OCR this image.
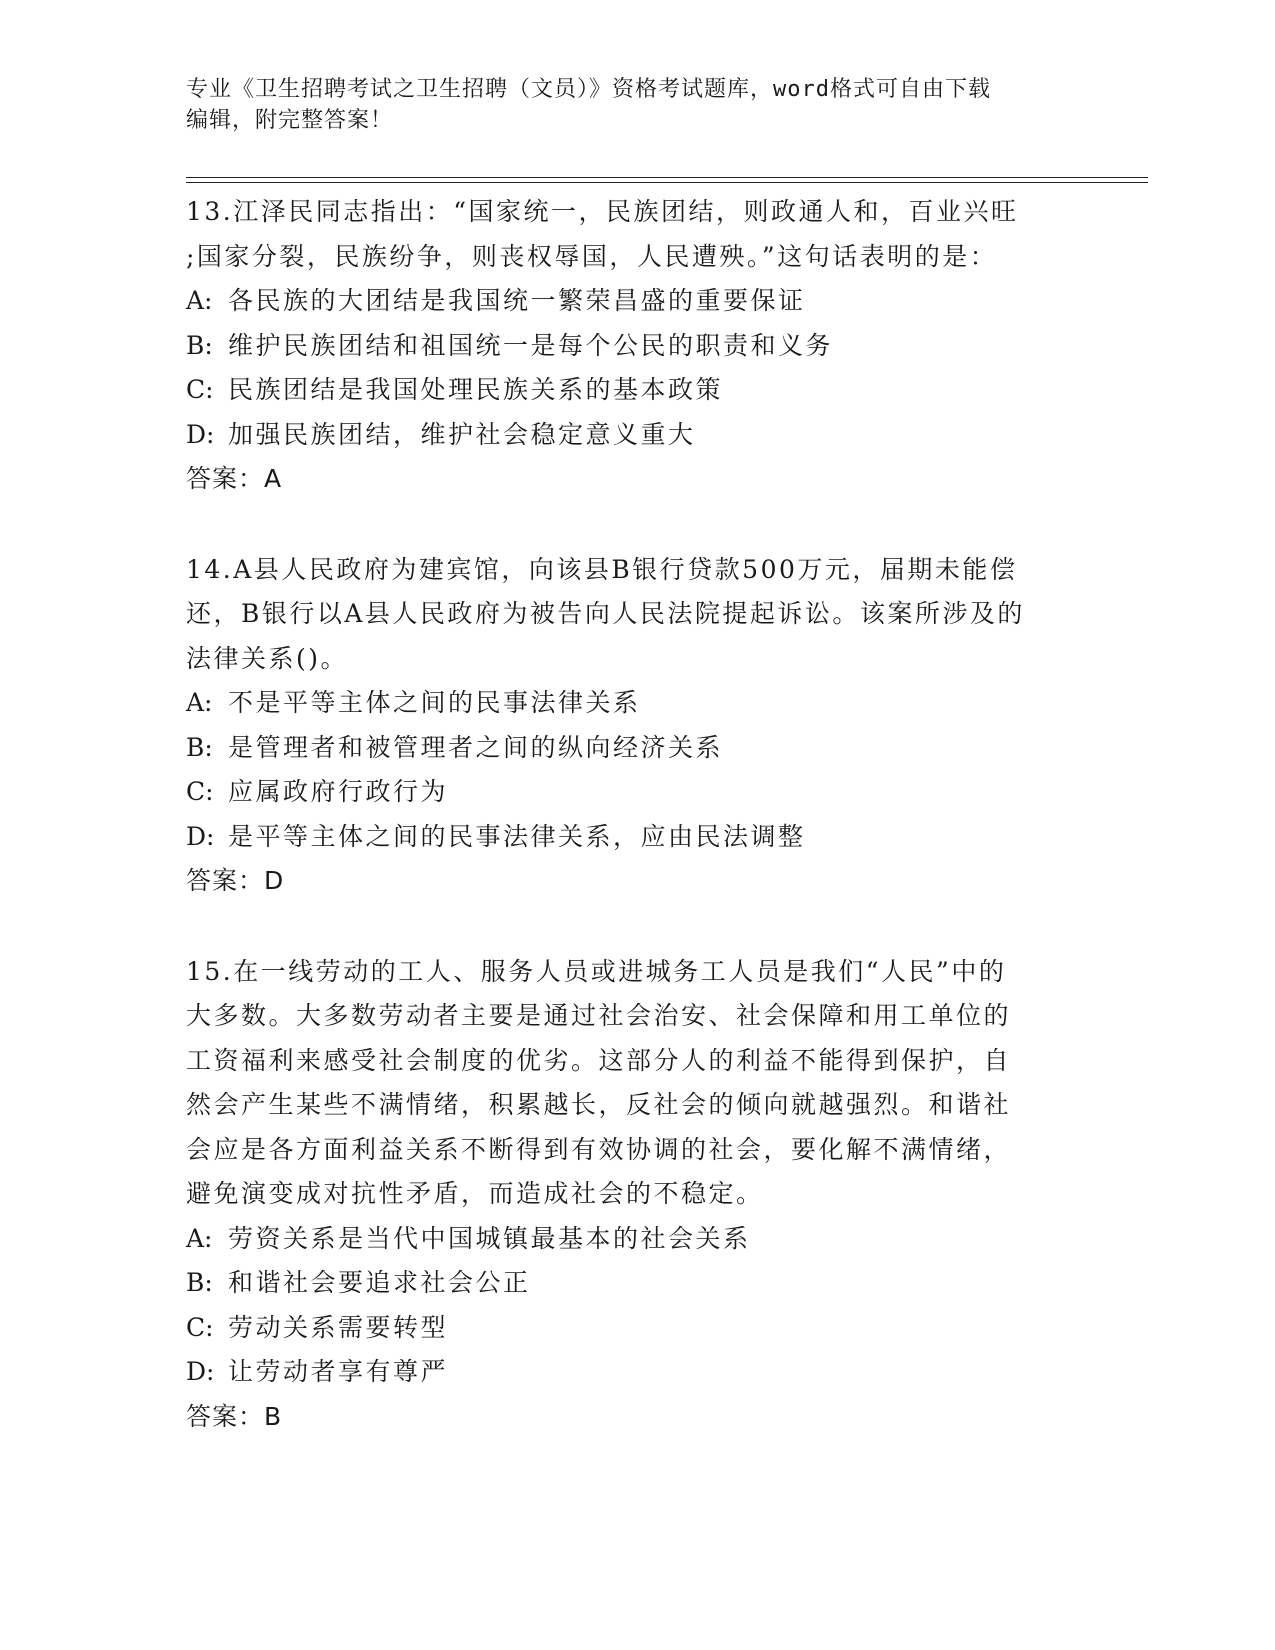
专业《卫生招聘考试之卫生招聘（文员）》资格考试题库，word格式可自由下载
编辑，附完整答案！
13.江泽民同志指出：“国家统一，民族团结，则政通人和，百业兴旺
;国家分裂，民族纷争，则丧权辱国，人民遭殃。”这句话表明的是：
A: 各民族的大团结是我国统一繁荣昌盛的重要保证
B: 维护民族团结和祖国统一是每个公民的职责和义务
C: 民族团结是我国处理民族关系的基本政策
D: 加强民族团结，维护社会稳定意义重大
答案：A
14.A县人民政府为建宾馆，向该县B银行贷款500万元，届期未能偿
还，B银行以A县人民政府为被告向人民法院提起诉讼。该案所涉及的
法律关系()。
A: 不是平等主体之间的民事法律关系
B: 是管理者和被管理者之间的纵向经济关系
C: 应属政府行政行为
D: 是平等主体之间的民事法律关系，应由民法调整
答案：D
15.在一线劳动的工人、服务人员或进城务工人员是我们“人民”中的
大多数。大多数劳动者主要是通过社会治安、社会保障和用工单位的
工资福利来感受社会制度的优劣。这部分人的利益不能得到保护，自
然会产生某些不满情绪，积累越长，反社会的倾向就越强烈。和谐社
会应是各方面利益关系不断得到有效协调的社会，要化解不满情绪，
避免演变成对抗性矛盾，而造成社会的不稳定。
A: 劳资关系是当代中国城镇最基本的社会关系
B: 和谐社会要追求社会公正
C: 劳动关系需要转型
D: 让劳动者享有尊严
答案：B
